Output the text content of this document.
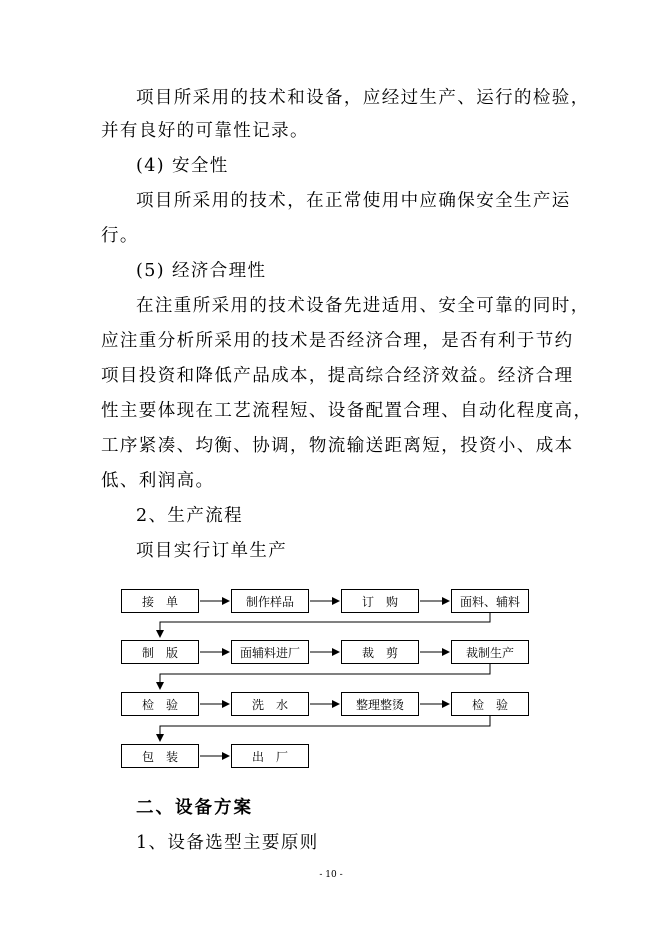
项目所采用的技术和设备，应经过生产、运行的检验，
并有良好的可靠性记录。
(4) 安全性
项目所采用的技术，在正常使用中应确保安全生产运
行。
(5) 经济合理性
在注重所采用的技术设备先进适用、安全可靠的同时，
应注重分析所采用的技术是否经济合理，是否有利于节约
项目投资和降低产品成本，提高综合经济效益。经济合理
性主要体现在工艺流程短、设备配置合理、自动化程度高，
工序紧凑、均衡、协调，物流输送距离短，投资小、成本
低、利润高。
2、生产流程
项目实行订单生产
接　单	制作样品	订　购	面料、辅料
制　版	面辅料进厂	裁　剪	裁制生产
检　验	洗　水	整理整烫	检　验
包　装	出　厂
二、设备方案
1、设备选型主要原则
- 10 -
